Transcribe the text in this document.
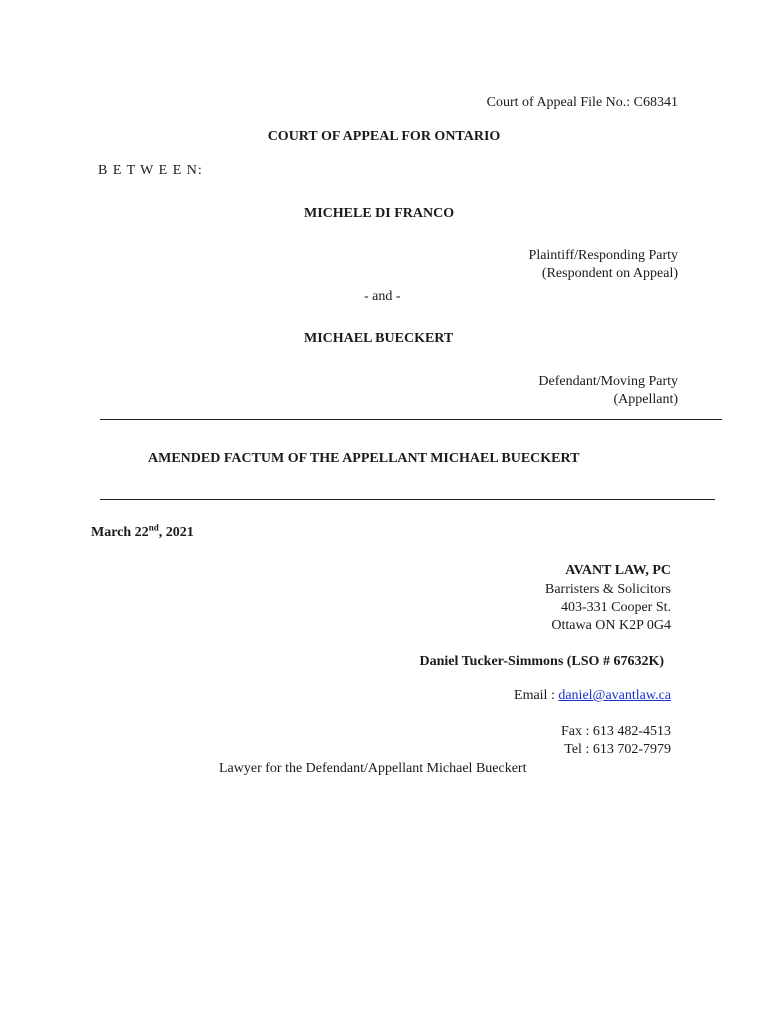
Court of Appeal File No.: C68341
COURT OF APPEAL FOR ONTARIO
B E T W E E N:
MICHELE DI FRANCO
Plaintiff/Responding Party
(Respondent on Appeal)
- and -
MICHAEL BUECKERT
Defendant/Moving Party
(Appellant)
AMENDED FACTUM OF THE APPELLANT MICHAEL BUECKERT
March 22nd, 2021
AVANT LAW, PC
Barristers & Solicitors
403-331 Cooper St.
Ottawa ON K2P 0G4
Daniel Tucker-Simmons (LSO # 67632K)
Email : daniel@avantlaw.ca
Fax : 613 482-4513
Tel : 613 702-7979
Lawyer for the Defendant/Appellant Michael Bueckert
